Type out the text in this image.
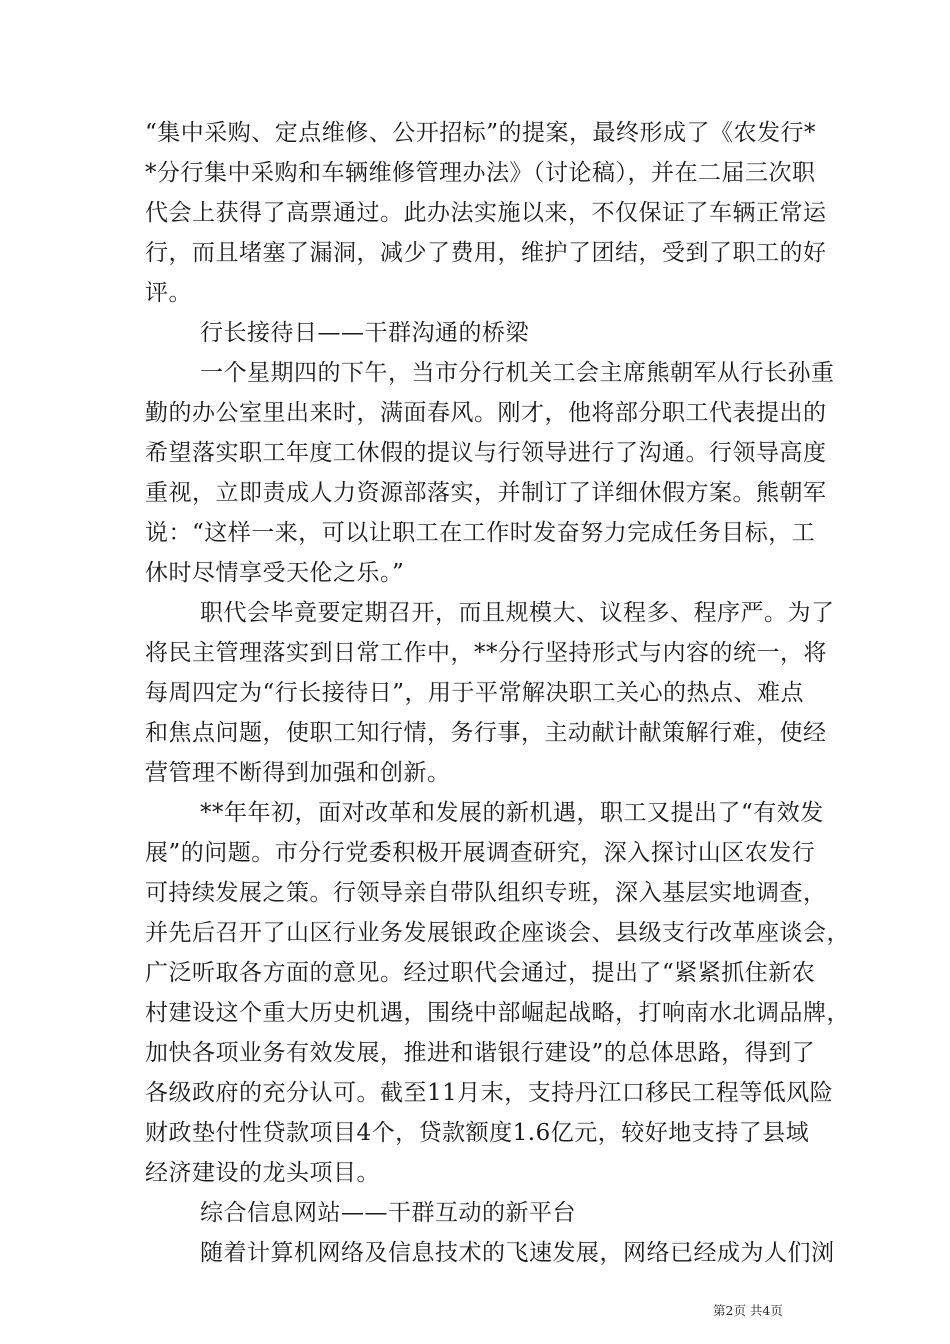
“集中采购、定点维修、公开招标”的提案，最终形成了《农发行*
*分行集中采购和车辆维修管理办法》（讨论稿），并在二届三次职
代会上获得了高票通过。此办法实施以来，不仅保证了车辆正常运
行，而且堵塞了漏洞，减少了费用，维护了团结，受到了职工的好
评。
行长接待日——干群沟通的桥梁
一个星期四的下午，当市分行机关工会主席熊朝军从行长孙重
勤的办公室里出来时，满面春风。刚才，他将部分职工代表提出的
希望落实职工年度工休假的提议与行领导进行了沟通。行领导高度
重视，立即责成人力资源部落实，并制订了详细休假方案。熊朝军
说：“这样一来，可以让职工在工作时发奋努力完成任务目标，工
休时尽情享受天伦之乐。”
职代会毕竟要定期召开，而且规模大、议程多、程序严。为了
将民主管理落实到日常工作中，**分行坚持形式与内容的统一，将
每周四定为“行长接待日”，用于平常解决职工关心的热点、难点
和焦点问题，使职工知行情，务行事，主动献计献策解行难，使经
营管理不断得到加强和创新。
**年年初，面对改革和发展的新机遇，职工又提出了“有效发
展”的问题。市分行党委积极开展调查研究，深入探讨山区农发行
可持续发展之策。行领导亲自带队组织专班，深入基层实地调查，
并先后召开了山区行业务发展银政企座谈会、县级支行改革座谈会，
广泛听取各方面的意见。经过职代会通过，提出了“紧紧抓住新农
村建设这个重大历史机遇，围绕中部崛起战略，打响南水北调品牌，
加快各项业务有效发展，推进和谐银行建设”的总体思路，得到了
各级政府的充分认可。截至11月末，支持丹江口移民工程等低风险
财政垫付性贷款项目4个，贷款额度1.6亿元，较好地支持了县域
经济建设的龙头项目。
综合信息网站——干群互动的新平台
随着计算机网络及信息技术的飞速发展，网络已经成为人们浏
第2页 共4页
